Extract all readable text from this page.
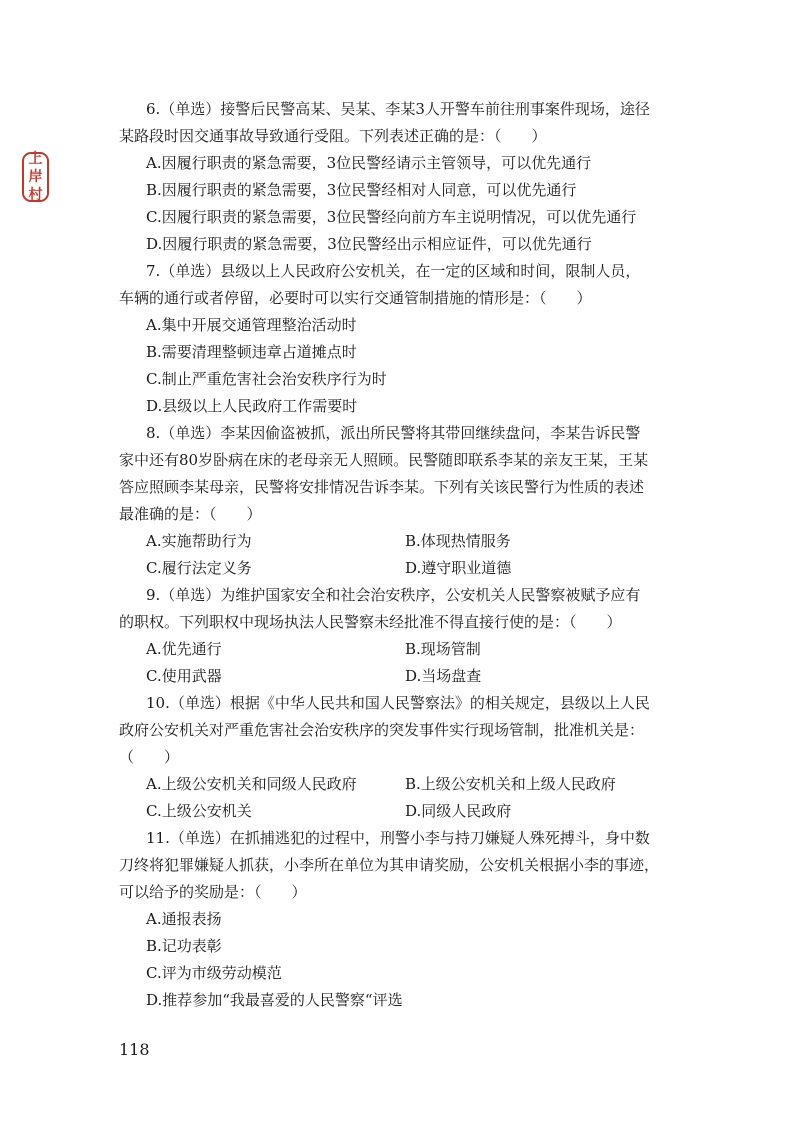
上
岸
村
6.（单选）接警后民警高某、吴某、李某3人开警车前往刑事案件现场，途径
某路段时因交通事故导致通行受阻。下列表述正确的是：（　　）
A.因履行职责的紧急需要，3位民警经请示主管领导，可以优先通行
B.因履行职责的紧急需要，3位民警经相对人同意，可以优先通行
C.因履行职责的紧急需要，3位民警经向前方车主说明情况，可以优先通行
D.因履行职责的紧急需要，3位民警经出示相应证件，可以优先通行
7.（单选）县级以上人民政府公安机关，在一定的区域和时间，限制人员，
车辆的通行或者停留，必要时可以实行交通管制措施的情形是：（　　）
A.集中开展交通管理整治活动时
B.需要清理整顿违章占道摊点时
C.制止严重危害社会治安秩序行为时
D.县级以上人民政府工作需要时
8.（单选）李某因偷盗被抓，派出所民警将其带回继续盘问，李某告诉民警
家中还有80岁卧病在床的老母亲无人照顾。民警随即联系李某的亲友王某，王某
答应照顾李某母亲，民警将安排情况告诉李某。下列有关该民警行为性质的表述
最准确的是：（　　）
A.实施帮助行为	B.体现热情服务
C.履行法定义务	D.遵守职业道德
9.（单选）为维护国家安全和社会治安秩序，公安机关人民警察被赋予应有
的职权。下列职权中现场执法人民警察未经批准不得直接行使的是：（　　）
A.优先通行	B.现场管制
C.使用武器	D.当场盘查
10.（单选）根据《中华人民共和国人民警察法》的相关规定，县级以上人民
政府公安机关对严重危害社会治安秩序的突发事件实行现场管制，批准机关是：
（　　）
A.上级公安机关和同级人民政府	B.上级公安机关和上级人民政府
C.上级公安机关	D.同级人民政府
11.（单选）在抓捕逃犯的过程中，刑警小李与持刀嫌疑人殊死搏斗，身中数
刀终将犯罪嫌疑人抓获，小李所在单位为其申请奖励，公安机关根据小李的事迹，
可以给予的奖励是：（　　）
A.通报表扬
B.记功表彰
C.评为市级劳动模范
D.推荐参加“我最喜爱的人民警察“评选
118
